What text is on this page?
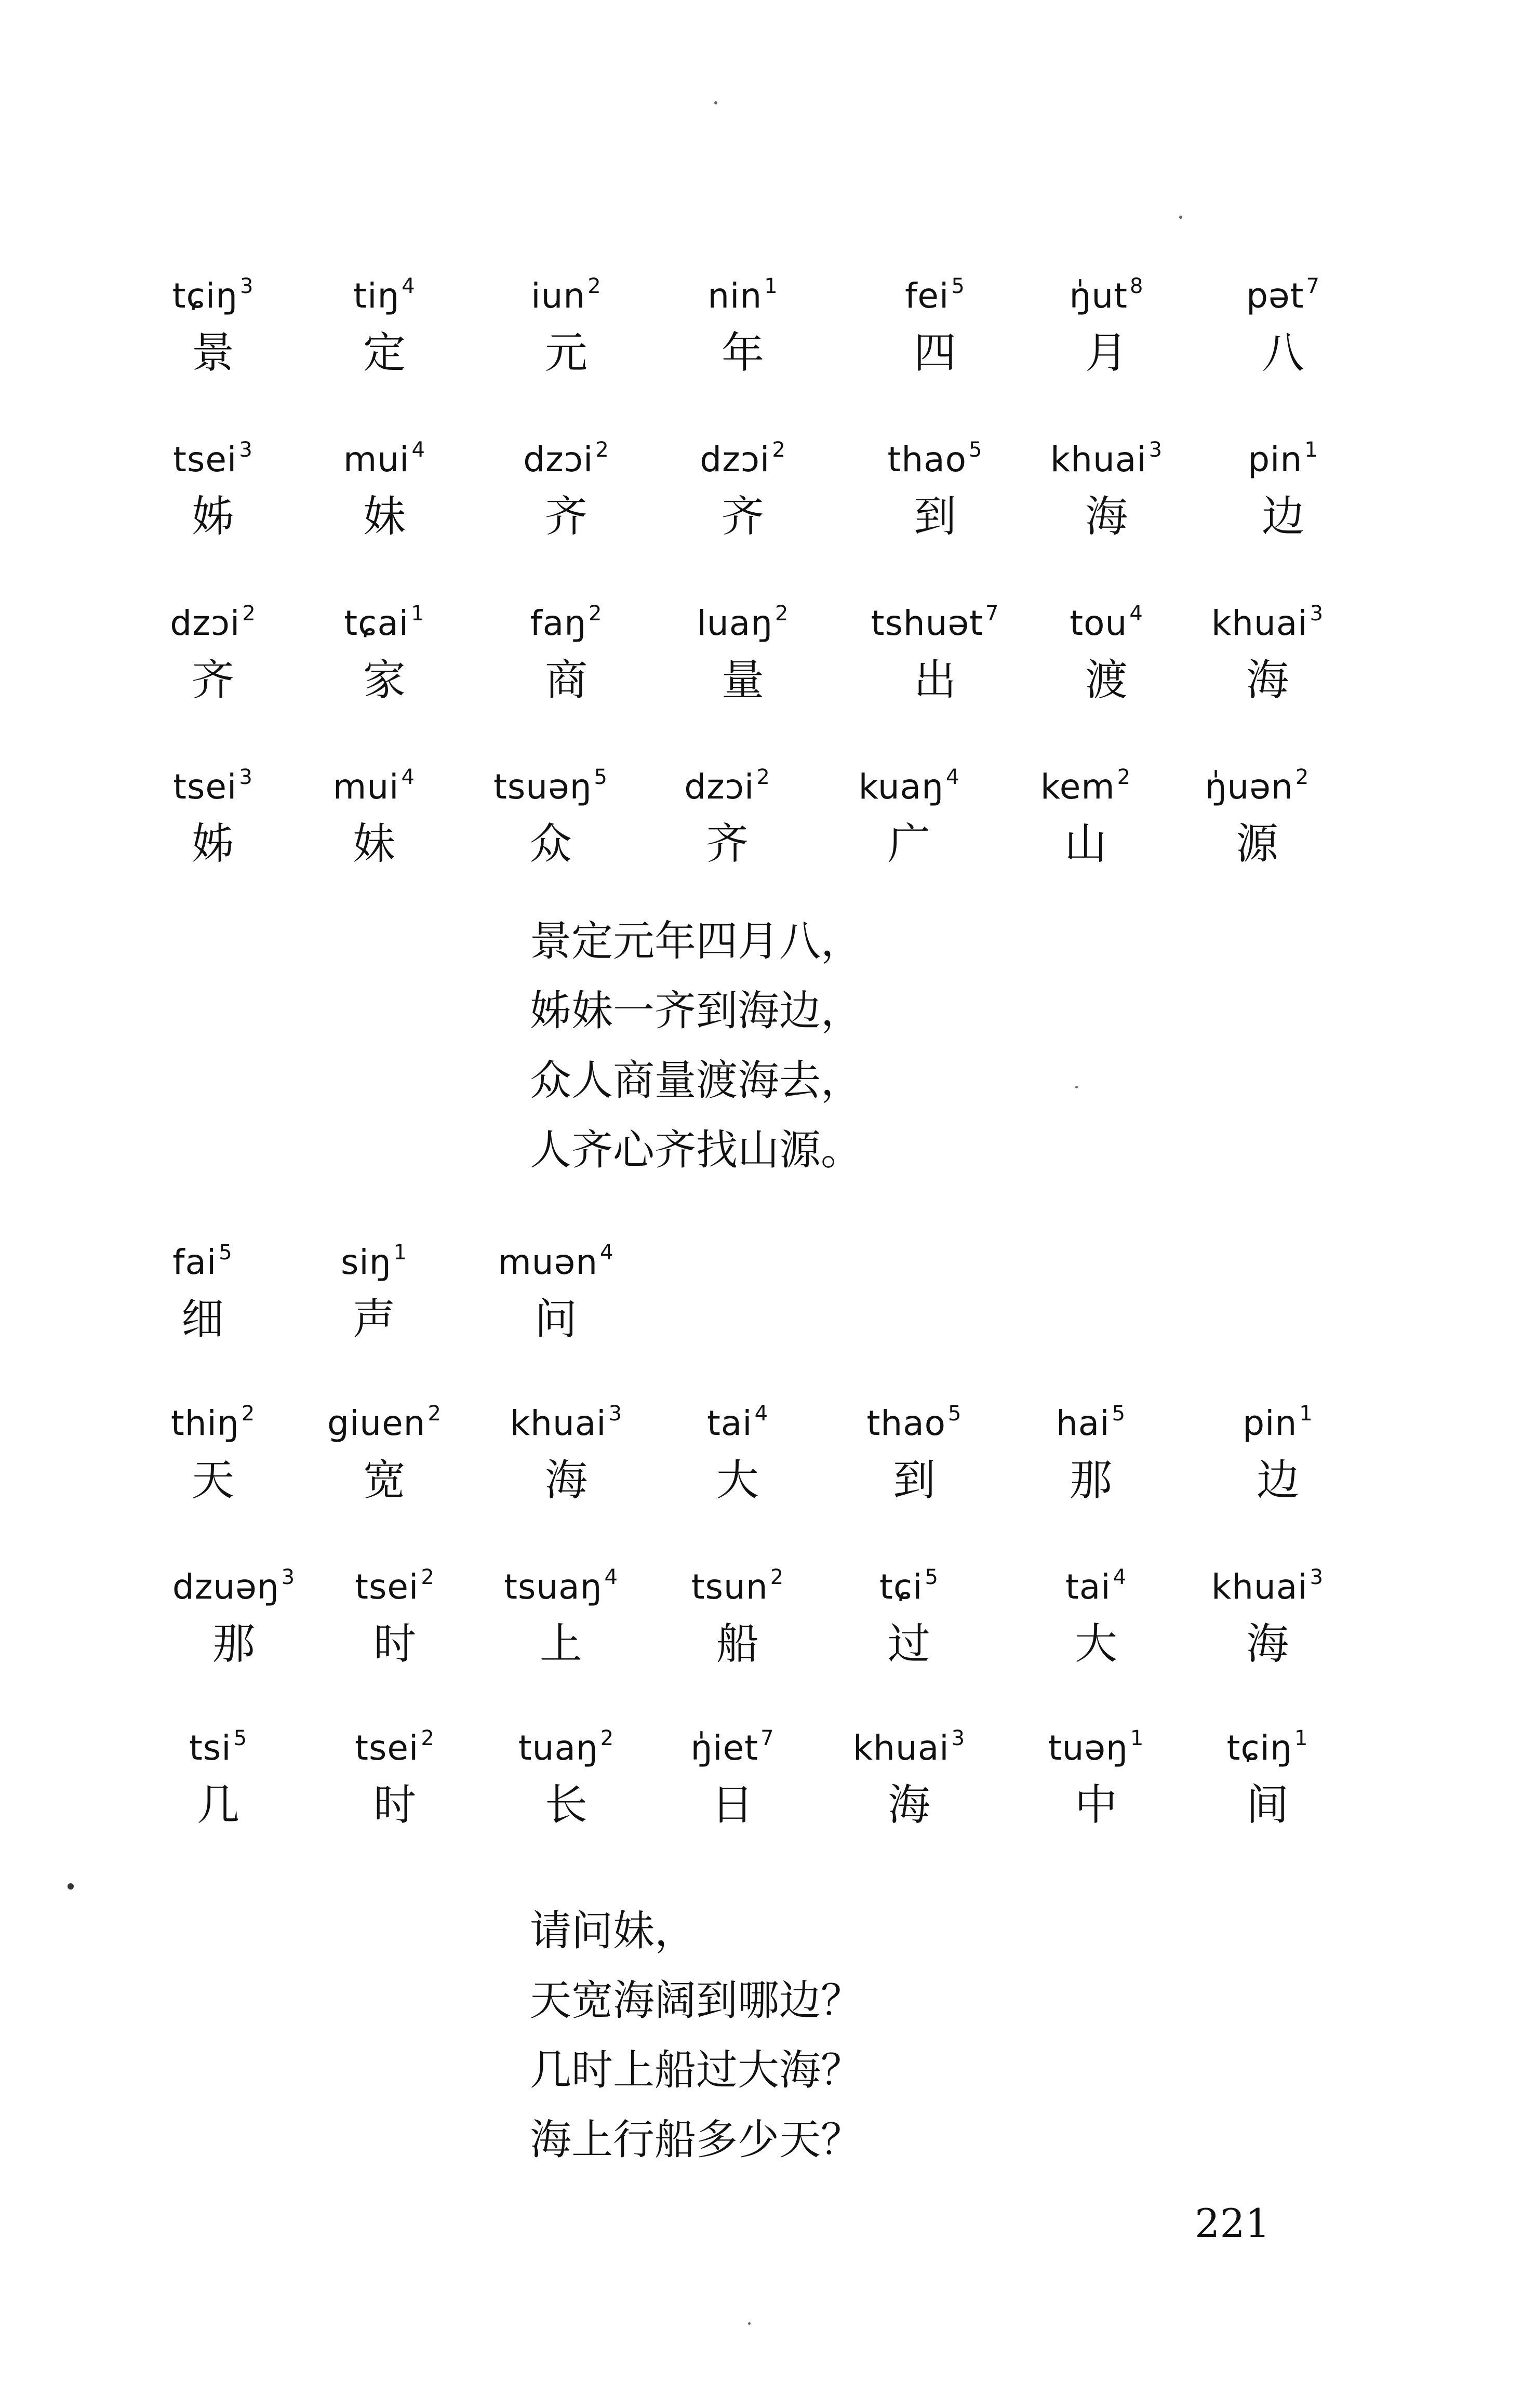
tɕiŋ $^3$
景
tiŋ $^4$
定
iun $^2$
元
nin $^1$
年
fei $^5$
四
ŋ̍ut $^8$
月
pət $^7$
八
tsei $^3$
姊
mui $^4$
妹
dzɔi $^2$
齐
dzɔi $^2$
齐
thao $^5$
到
khuai $^3$
海
pin $^1$
边
dzɔi $^2$
齐
tɕai $^1$
家
faŋ $^2$
商
luaŋ $^2$
量
tshuət $^7$
出
tou $^4$
渡
khuai $^3$
海
tsei $^3$
姊
mui $^4$
妹
tsuəŋ $^5$
众
dzɔi $^2$
齐
kuaŋ $^4$
广
kem $^2$
山
ŋ̍uən $^2$
源
景定元年四月八，
姊妹一齐到海边，
众人商量渡海去，
人齐心齐找山源。
fai $^5$
细
siŋ $^1$
声
muən $^4$
问
thiŋ $^2$
天
giuen $^2$
宽
khuai $^3$
海
tai $^4$
大
thao $^5$
到
hai $^5$
那
pin $^1$
边
dzuəŋ $^3$
那
tsei $^2$
时
tsuaŋ $^4$
上
tsun $^2$
船
tɕi $^5$
过
tai $^4$
大
khuai $^3$
海
tsi $^5$
几
tsei $^2$
时
tuaŋ $^2$
长
ŋ̍iet $^7$
日
khuai $^3$
海
tuəŋ $^1$
中
tɕiŋ $^1$
间
请问妹，
天宽海阔到哪边？
几时上船过大海？
海上行船多少天？
221
